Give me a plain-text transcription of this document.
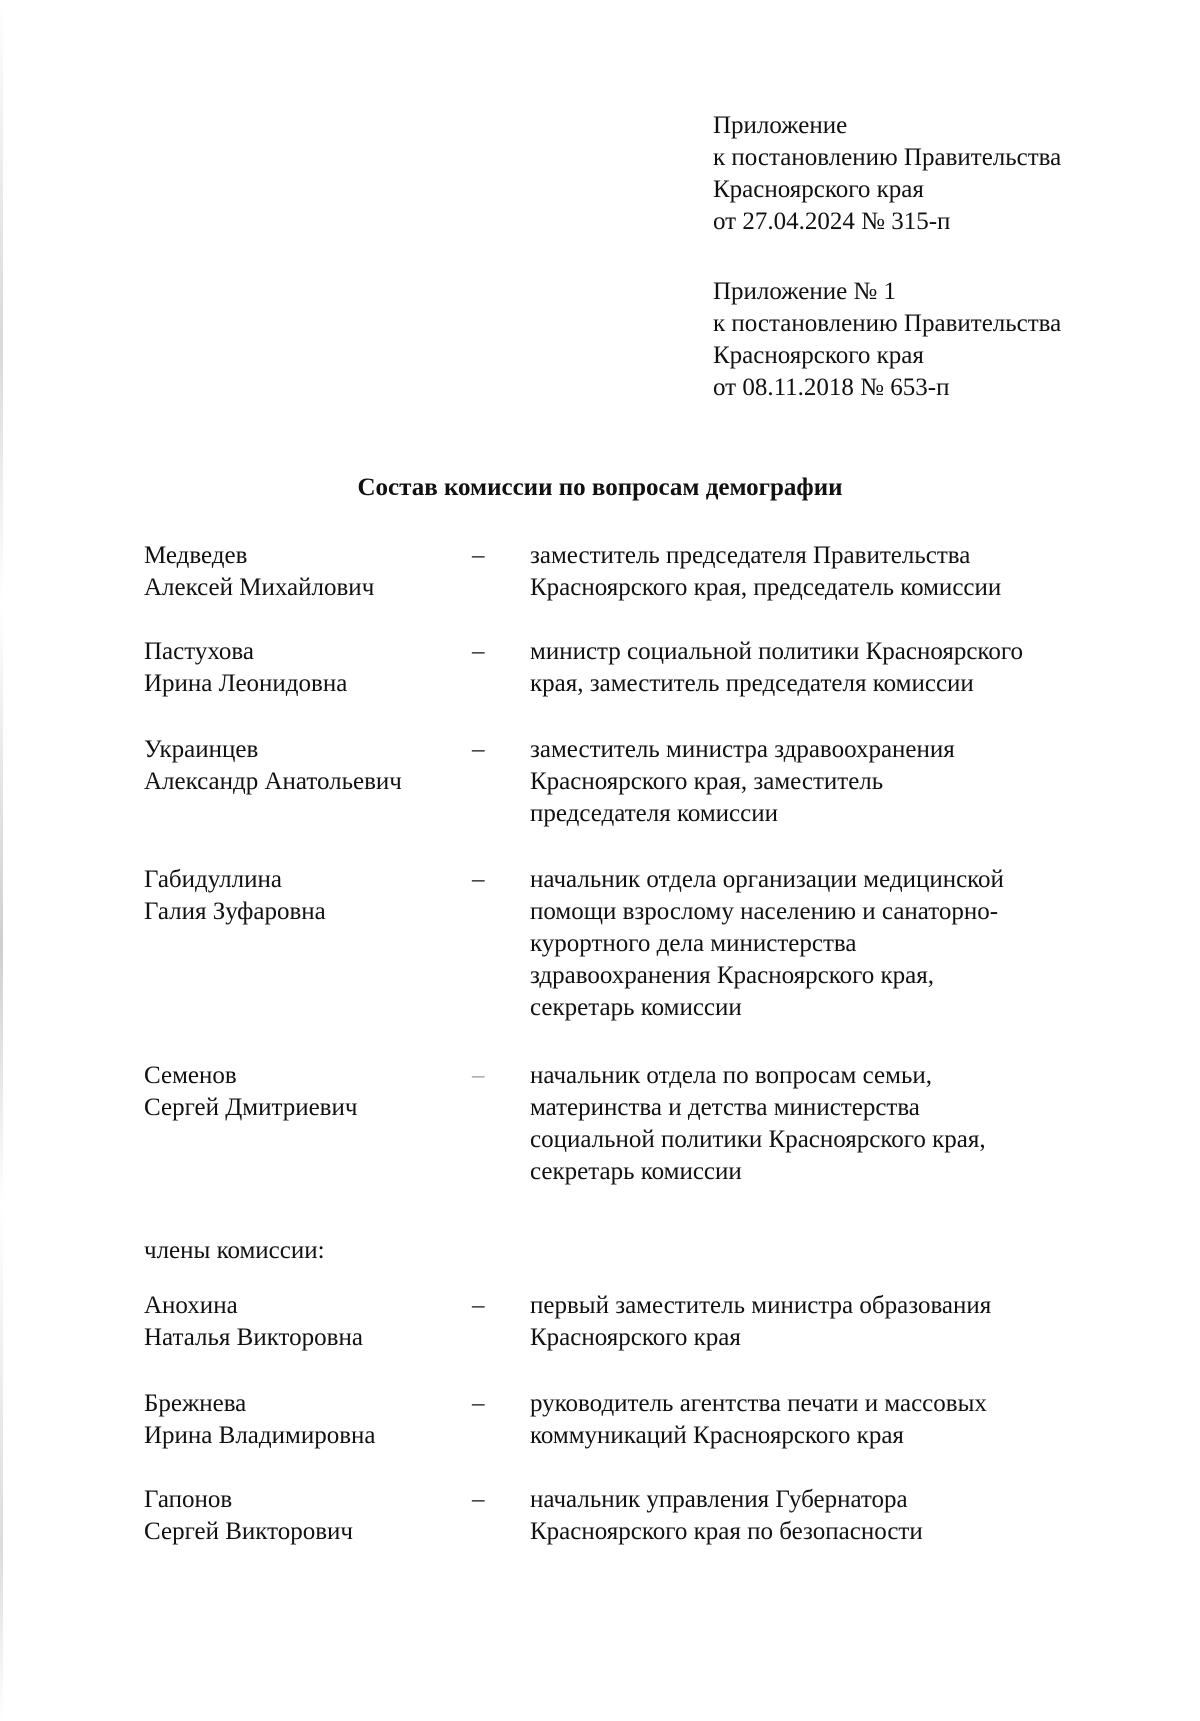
Приложение
к постановлению Правительства
Красноярского края
от 27.04.2024 № 315-п
Приложение № 1
к постановлению Правительства
Красноярского края
от 08.11.2018 № 653-п
Состав комиссии по вопросам демографии
Медведев
Алексей Михайлович
–	заместитель председателя Правительства
Красноярского края, председатель комиссии
Пастухова
Ирина Леонидовна
–	министр социальной политики Красноярского
края, заместитель председателя комиссии
Украинцев
Александр Анатольевич
–	заместитель министра здравоохранения
Красноярского края, заместитель
председателя комиссии
Габидуллина
Галия Зуфаровна
–	начальник отдела организации медицинской
помощи взрослому населению и санаторно-
курортного дела министерства
здравоохранения Красноярского края,
секретарь комиссии
Семенов
Сергей Дмитриевич
–	начальник отдела по вопросам семьи,
материнства и детства министерства
социальной политики Красноярского края,
секретарь комиссии
члены комиссии:
Анохина
Наталья Викторовна
–	первый заместитель министра образования
Красноярского края
Брежнева
Ирина Владимировна
–	руководитель агентства печати и массовых
коммуникаций Красноярского края
Гапонов
Сергей Викторович
–	начальник управления Губернатора
Красноярского края по безопасности
